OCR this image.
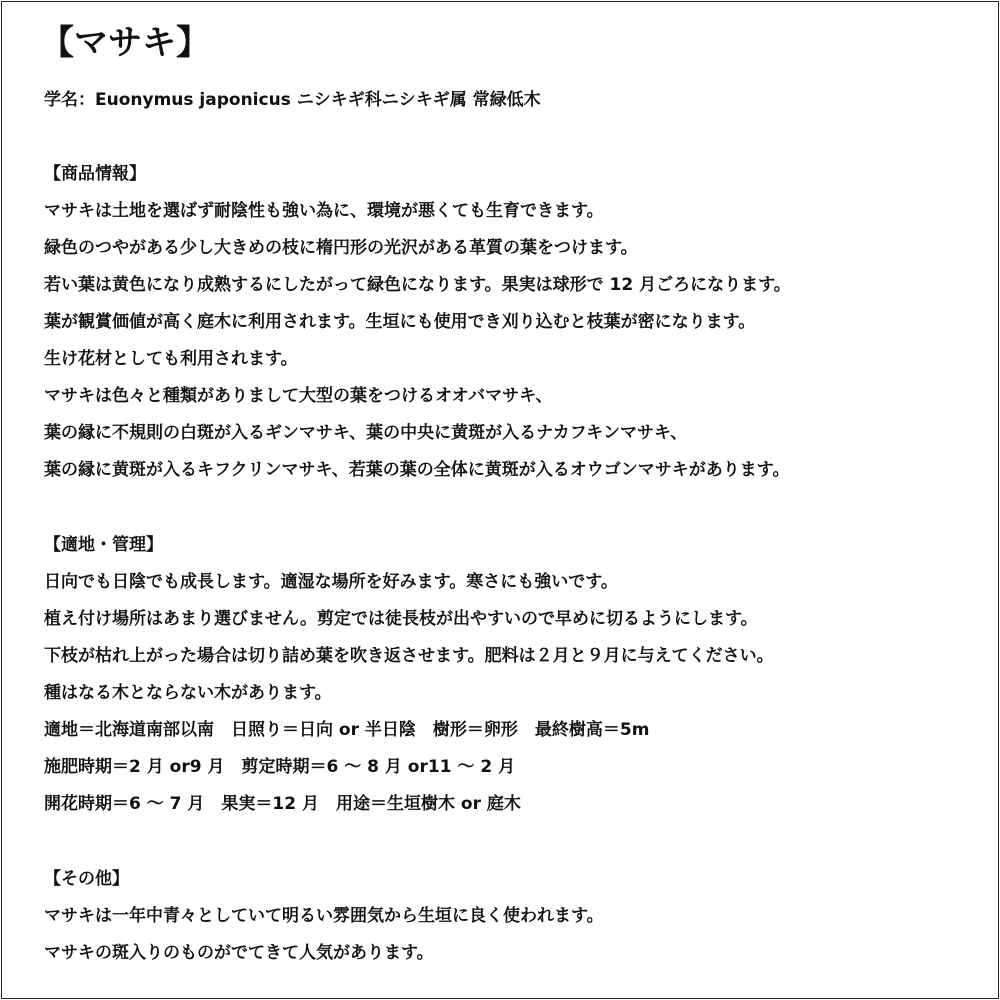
【マサキ】
学名：Euonymus japonicus ニシキギ科ニシキギ属 常緑低木
【商品情報】
マサキは土地を選ばず耐陰性も強い為に、環境が悪くても生育できます。
緑色のつやがある少し大きめの枝に楕円形の光沢がある革質の葉をつけます。
若い葉は黄色になり成熟するにしたがって緑色になります。果実は球形で 12 月ごろになります。
葉が観賞価値が高く庭木に利用されます。生垣にも使用でき刈り込むと枝葉が密になります。
生け花材としても利用されます。
マサキは色々と種類がありまして大型の葉をつけるオオバマサキ、
葉の縁に不規則の白斑が入るギンマサキ、葉の中央に黄斑が入るナカフキンマサキ、
葉の縁に黄斑が入るキフクリンマサキ、若葉の葉の全体に黄斑が入るオウゴンマサキがあります。
【適地・管理】
日向でも日陰でも成長します。適湿な場所を好みます。寒さにも強いです。
植え付け場所はあまり選びません。剪定では徒長枝が出やすいので早めに切るようにします。
下枝が枯れ上がった場合は切り詰め葉を吹き返させます。肥料は２月と９月に与えてください。
種はなる木とならない木があります。
適地＝北海道南部以南　日照り＝日向 or 半日陰　樹形＝卵形　最終樹高＝5m
施肥時期＝2 月 or9 月　剪定時期＝6 ～ 8 月 or11 ～ 2 月
開花時期＝6 ～ 7 月　果実＝12 月　用途＝生垣樹木 or 庭木
【その他】
マサキは一年中青々としていて明るい雰囲気から生垣に良く使われます。
マサキの斑入りのものがでてきて人気があります。
